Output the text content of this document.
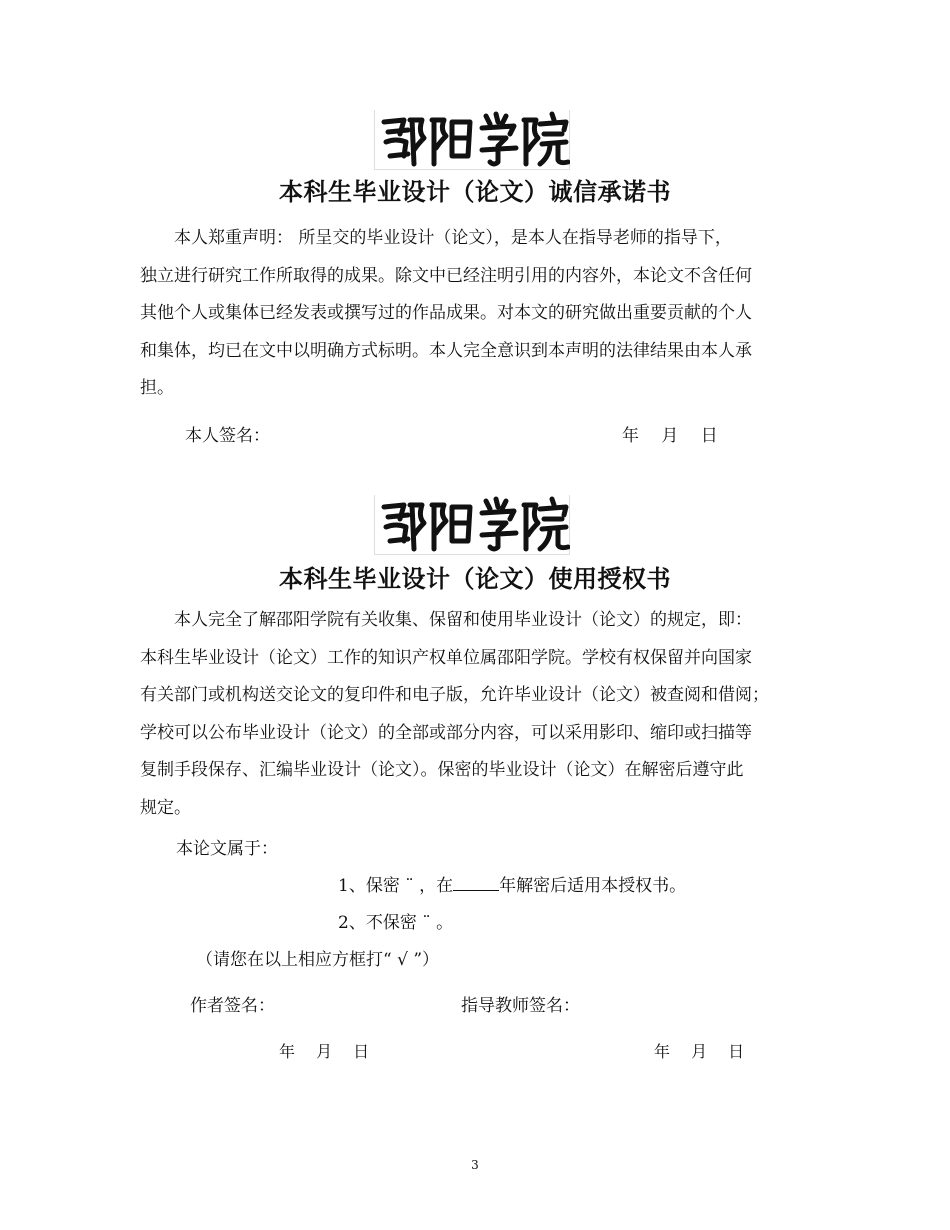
本科生毕业设计（论文）诚信承诺书
本人郑重声明： 所呈交的毕业设计（论文），是本人在指导老师的指导下，
独立进行研究工作所取得的成果。除文中已经注明引用的内容外，本论文不含任何
其他个人或集体已经发表或撰写过的作品成果。对本文的研究做出重要贡献的个人
和集体，均已在文中以明确方式标明。本人完全意识到本声明的法律结果由本人承
担。
本人签名：	年　 月　 日
本科生毕业设计（论文）使用授权书
本人完全了解邵阳学院有关收集、保留和使用毕业设计（论文）的规定，即：
本科生毕业设计（论文）工作的知识产权单位属邵阳学院。学校有权保留并向国家
有关部门或机构送交论文的复印件和电子版，允许毕业设计（论文）被查阅和借阅；
学校可以公布毕业设计（论文）的全部或部分内容，可以采用影印、缩印或扫描等
复制手段保存、汇编毕业设计（论文）。保密的毕业设计（论文）在解密后遵守此
规定。
本论文属于：
1、保密 ¨ ，在	年解密后适用本授权书。
2、不保密 ¨ 。
（请您在以上相应方框打“ √ ”）
作者签名：	指导教师签名：
年　 月　 日	年　 月　 日
3
